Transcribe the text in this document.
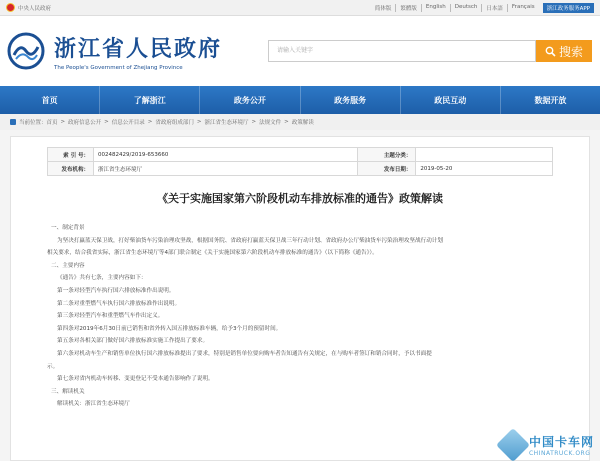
中央人民政府	简体版	繁體版	English	Deutsch	日本語	Français	浙江政务服务APP
浙江省人民政府
The People's Government of Zhejiang Province
请输入关键字	搜索
首页	了解浙江	政务公开	政务服务	政民互动	数据开放
当前位置：首页 > 政府信息公开 > 信息公开目录 > 省政府组成部门 > 浙江省生态环境厅 > 法规文件 > 政策解读
索 引 号：	002482429/2019-653660	主题分类：	
发布机构：	浙江省生态环境厅	发布日期：	2019-05-20
《关于实施国家第六阶段机动车排放标准的通告》政策解读

一、制定背景

为坚决打赢蓝天保卫战，打好柴油货车污染治理攻坚战，根据国务院、省政府打赢蓝天保卫战三年行动计划、省政府办公厅柴油货车污染治理攻坚战行动计划

相关要求，结合我省实际，浙江省生态环境厅等4部门联合制定《关于实施国家第六阶段机动车排放标准的通告》（以下简称《通告》）。

二、主要内容

《通告》共有七条，主要内容如下：

第一条对轻型汽车执行国六排放标准作出说明。

第二条对重型燃气车执行国六排放标准作出说明。

第三条对轻型汽车和重型燃气车作出定义。

第四条对2019年6月30日前已销售和省外转入国五排放标准车辆，给予3个月的预留时间。

第五条对各相关部门做好国六排放标准实施工作提出了要求。

第六条对机动车生产和销售单位执行国六排放标准提出了要求，特别是销售单位要向购车者告知通告有关规定，在与购车者签订和销合同时，予以书面提

示。

第七条对省内机动车转移、变更登记不受本通告影响作了说明。

三、解读机关

解读机关：浙江省生态环境厅

中国卡车网
CHINATRUCK.ORG
